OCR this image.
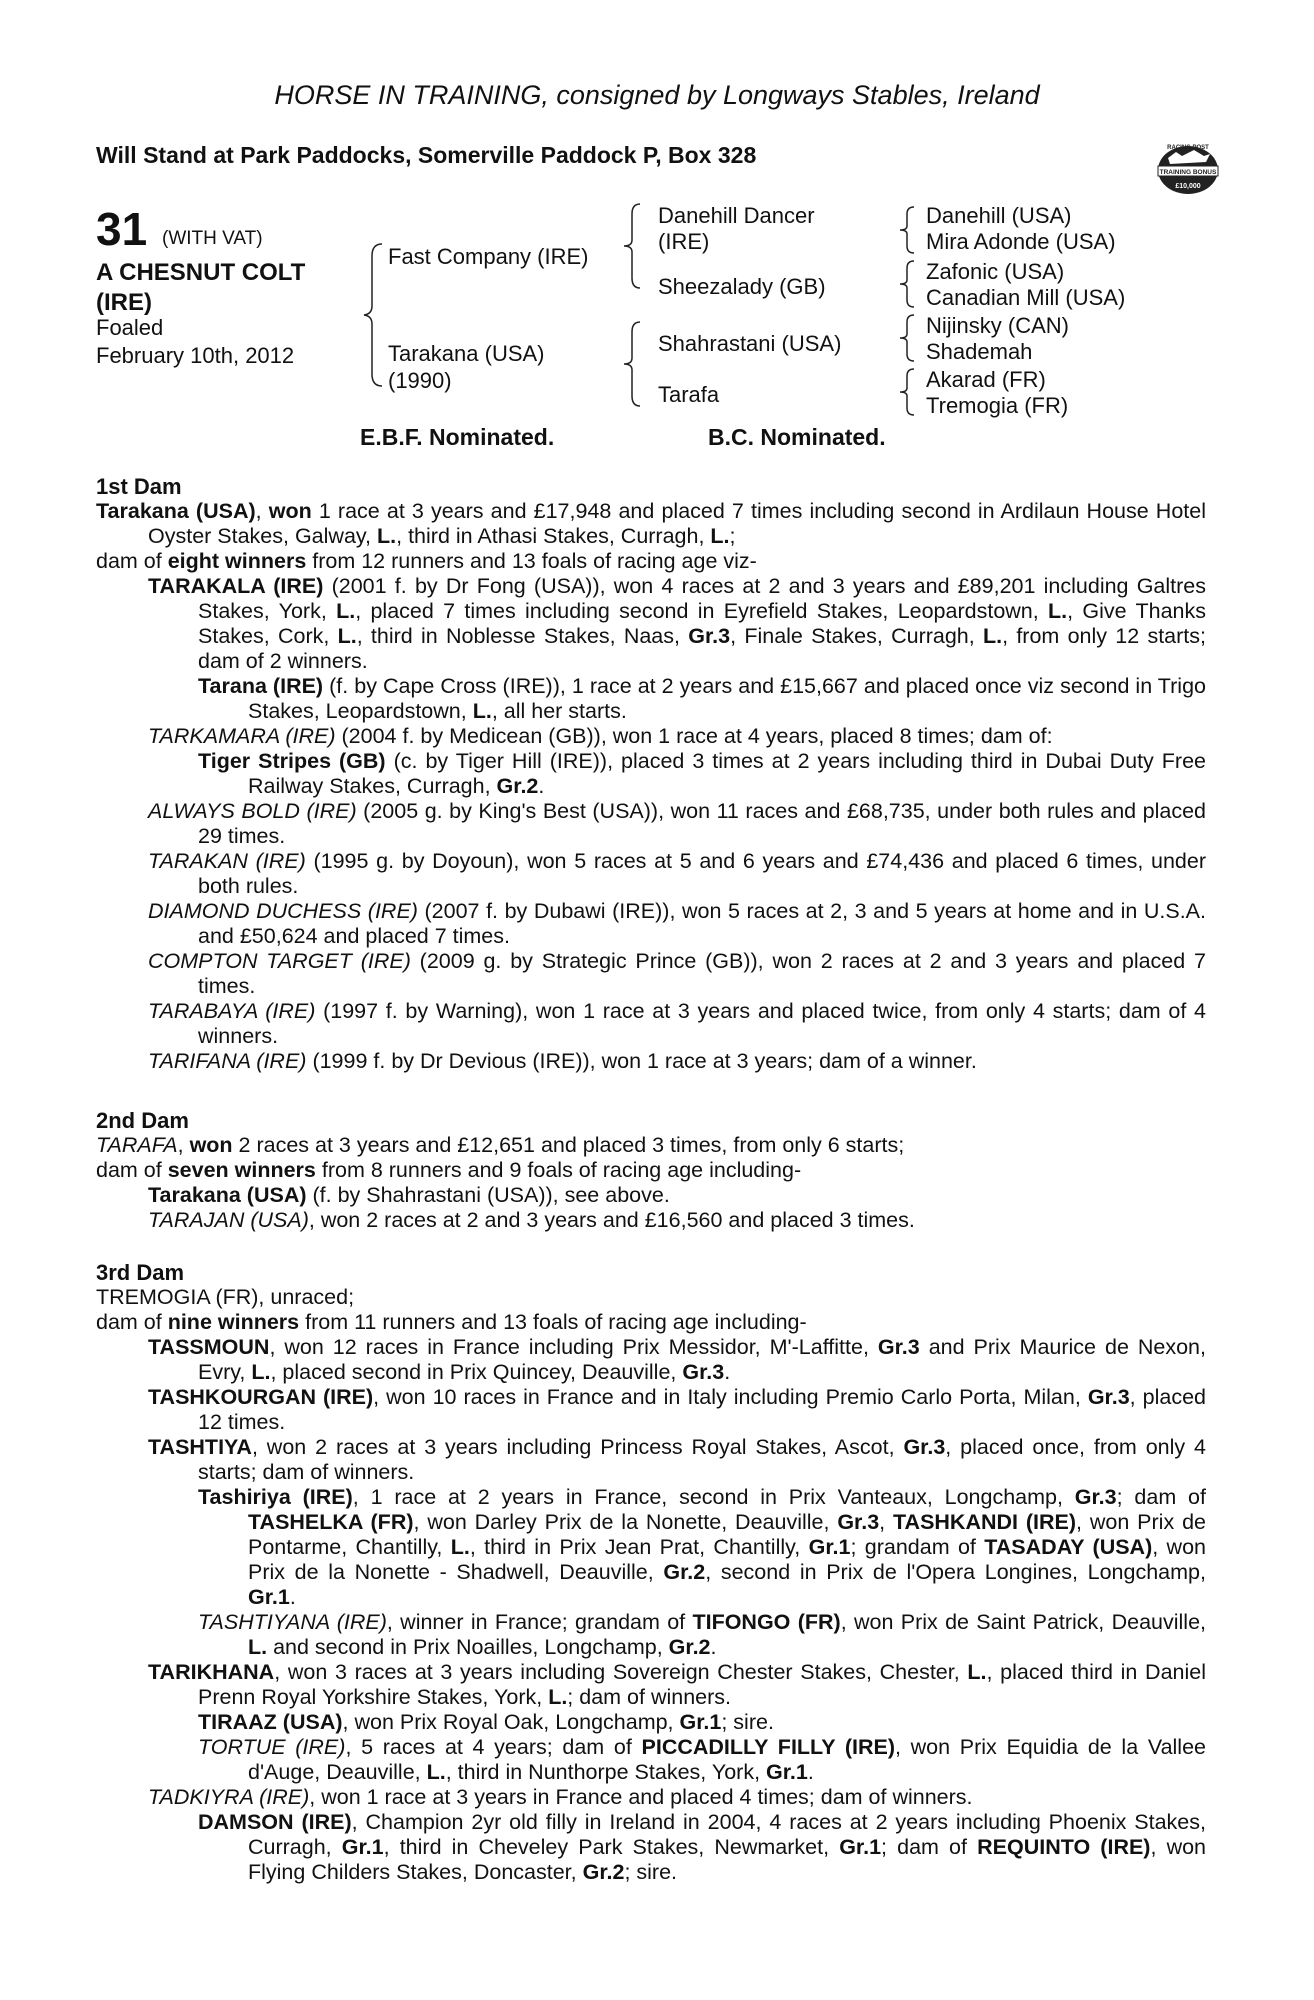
HORSE IN TRAINING, consigned by Longways Stables, Ireland
Will Stand at Park Paddocks, Somerville Paddock P, Box 328	RACING POST
TRAINING BONUS
£10,000
31 (WITH VAT)
A CHESNUT COLT
(IRE)
Foaled
February 10th, 2012
Fast Company (IRE)
Tarakana (USA)
(1990)
Danehill Dancer
(IRE)
Sheezalady (GB)
Shahrastani (USA)
Tarafa
Danehill (USA)
Mira Adonde (USA)
Zafonic (USA)
Canadian Mill (USA)
Nijinsky (CAN)
Shademah
Akarad (FR)
Tremogia (FR)
E.B.F. Nominated.	B.C. Nominated.

1st Dam

Tarakana (USA), won 1 race at 3 years and £17,948 and placed 7 times including second in Ardilaun House Hotel Oyster Stakes, Galway, L., third in Athasi Stakes, Curragh, L.;

dam of eight winners from 12 runners and 13 foals of racing age viz-

TARAKALA (IRE) (2001 f. by Dr Fong (USA)), won 4 races at 2 and 3 years and £89,201 including Galtres Stakes, York, L., placed 7 times including second in Eyrefield Stakes, Leopardstown, L., Give Thanks Stakes, Cork, L., third in Noblesse Stakes, Naas, Gr.3, Finale Stakes, Curragh, L., from only 12 starts; dam of 2 winners.

Tarana (IRE) (f. by Cape Cross (IRE)), 1 race at 2 years and £15,667 and placed once viz second in Trigo Stakes, Leopardstown, L., all her starts.

TARKAMARA (IRE) (2004 f. by Medicean (GB)), won 1 race at 4 years, placed 8 times; dam of:

Tiger Stripes (GB) (c. by Tiger Hill (IRE)), placed 3 times at 2 years including third in Dubai Duty Free Railway Stakes, Curragh, Gr.2.

ALWAYS BOLD (IRE) (2005 g. by King's Best (USA)), won 11 races and £68,735, under both rules and placed 29 times.

TARAKAN (IRE) (1995 g. by Doyoun), won 5 races at 5 and 6 years and £74,436 and placed 6 times, under both rules.

DIAMOND DUCHESS (IRE) (2007 f. by Dubawi (IRE)), won 5 races at 2, 3 and 5 years at home and in U.S.A. and £50,624 and placed 7 times.

COMPTON TARGET (IRE) (2009 g. by Strategic Prince (GB)), won 2 races at 2 and 3 years and placed 7 times.

TARABAYA (IRE) (1997 f. by Warning), won 1 race at 3 years and placed twice, from only 4 starts; dam of 4 winners.

TARIFANA (IRE) (1999 f. by Dr Devious (IRE)), won 1 race at 3 years; dam of a winner.

2nd Dam

TARAFA, won 2 races at 3 years and £12,651 and placed 3 times, from only 6 starts;

dam of seven winners from 8 runners and 9 foals of racing age including-

Tarakana (USA) (f. by Shahrastani (USA)), see above.

TARAJAN (USA), won 2 races at 2 and 3 years and £16,560 and placed 3 times.

3rd Dam

TREMOGIA (FR), unraced;

dam of nine winners from 11 runners and 13 foals of racing age including-

TASSMOUN, won 12 races in France including Prix Messidor, M'-Laffitte, Gr.3 and Prix Maurice de Nexon, Evry, L., placed second in Prix Quincey, Deauville, Gr.3.

TASHKOURGAN (IRE), won 10 races in France and in Italy including Premio Carlo Porta, Milan, Gr.3, placed 12 times.

TASHTIYA, won 2 races at 3 years including Princess Royal Stakes, Ascot, Gr.3, placed once, from only 4 starts; dam of winners.

Tashiriya (IRE), 1 race at 2 years in France, second in Prix Vanteaux, Longchamp, Gr.3; dam of TASHELKA (FR), won Darley Prix de la Nonette, Deauville, Gr.3, TASHKANDI (IRE), won Prix de Pontarme, Chantilly, L., third in Prix Jean Prat, Chantilly, Gr.1; grandam of TASADAY (USA), won Prix de la Nonette - Shadwell, Deauville, Gr.2, second in Prix de l'Opera Longines, Longchamp, Gr.1.

TASHTIYANA (IRE), winner in France; grandam of TIFONGO (FR), won Prix de Saint Patrick, Deauville, L. and second in Prix Noailles, Longchamp, Gr.2.

TARIKHANA, won 3 races at 3 years including Sovereign Chester Stakes, Chester, L., placed third in Daniel Prenn Royal Yorkshire Stakes, York, L.; dam of winners.

TIRAAZ (USA), won Prix Royal Oak, Longchamp, Gr.1; sire.

TORTUE (IRE), 5 races at 4 years; dam of PICCADILLY FILLY (IRE), won Prix Equidia de la Vallee d'Auge, Deauville, L., third in Nunthorpe Stakes, York, Gr.1.

TADKIYRA (IRE), won 1 race at 3 years in France and placed 4 times; dam of winners.

DAMSON (IRE), Champion 2yr old filly in Ireland in 2004, 4 races at 2 years including Phoenix Stakes, Curragh, Gr.1, third in Cheveley Park Stakes, Newmarket, Gr.1; dam of REQUINTO (IRE), won Flying Childers Stakes, Doncaster, Gr.2; sire.
